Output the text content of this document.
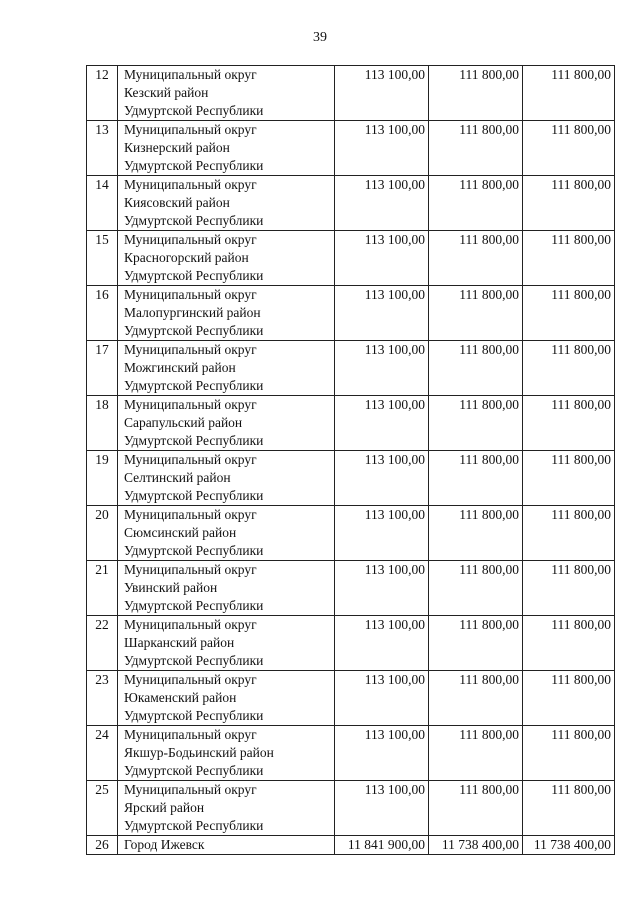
39
12	Муниципальный округ
Кезский район
Удмуртской Республики	113 100,00	111 800,00	111 800,00
13	Муниципальный округ
Кизнерский район
Удмуртской Республики	113 100,00	111 800,00	111 800,00
14	Муниципальный округ
Киясовский район
Удмуртской Республики	113 100,00	111 800,00	111 800,00
15	Муниципальный округ
Красногорский район
Удмуртской Республики	113 100,00	111 800,00	111 800,00
16	Муниципальный округ
Малопургинский район
Удмуртской Республики	113 100,00	111 800,00	111 800,00
17	Муниципальный округ
Можгинский район
Удмуртской Республики	113 100,00	111 800,00	111 800,00
18	Муниципальный округ
Сарапульский район
Удмуртской Республики	113 100,00	111 800,00	111 800,00
19	Муниципальный округ
Селтинский район
Удмуртской Республики	113 100,00	111 800,00	111 800,00
20	Муниципальный округ
Сюмсинский район
Удмуртской Республики	113 100,00	111 800,00	111 800,00
21	Муниципальный округ
Увинский район
Удмуртской Республики	113 100,00	111 800,00	111 800,00
22	Муниципальный округ
Шарканский район
Удмуртской Республики	113 100,00	111 800,00	111 800,00
23	Муниципальный округ
Юкаменский район
Удмуртской Республики	113 100,00	111 800,00	111 800,00
24	Муниципальный округ
Якшур-Бодьинский район
Удмуртской Республики	113 100,00	111 800,00	111 800,00
25	Муниципальный округ
Ярский район
Удмуртской Республики	113 100,00	111 800,00	111 800,00
26	Город Ижевск	11 841 900,00	11 738 400,00	11 738 400,00
